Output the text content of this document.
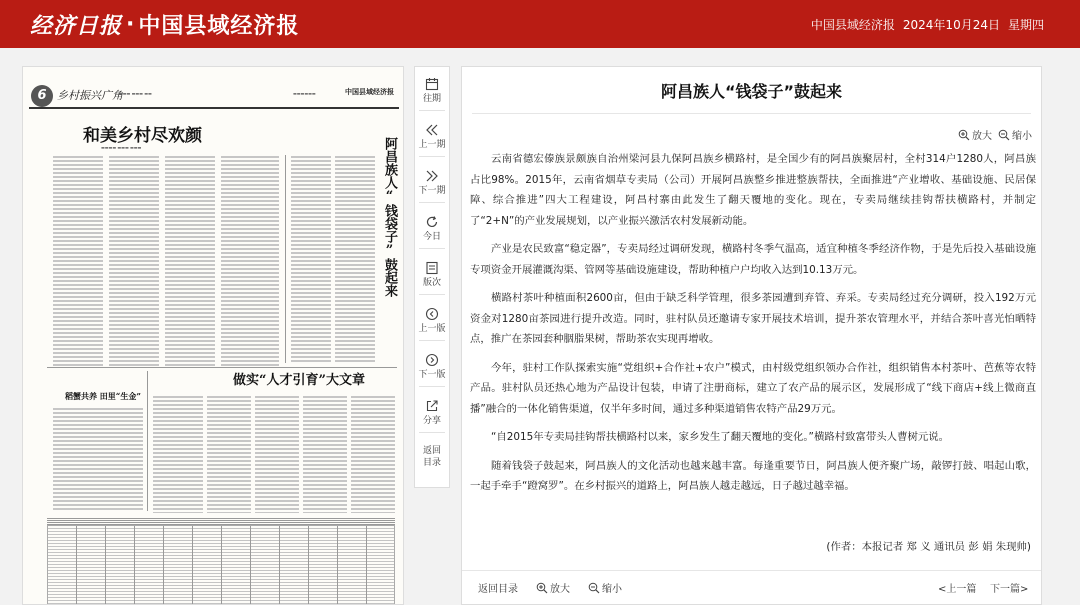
经济日报 · 中国县域经济报	中国县域经济报 2024年10月24日 星期四
6 乡村振兴广角
▬▬▬ ▬▬▬ ▬▬	▬▬▬▬▬▬	中国县域经济报
和美乡村尽欢颜
▬▬▬▬ ▬▬▬ ▬▬▬	阿昌族人“钱袋子”鼓起来
做实“人才引育”大文章
稻蟹共养 田里“生金”
往期
上一期
下一期
今日
版次
上一版
下一版
分享
返回目录
阿昌族人“钱袋子”鼓起来
放大 缩小

云南省德宏傣族景颇族自治州梁河县九保阿昌族乡横路村，是全国少有的阿昌族聚居村，全村314户1280人，阿昌族占比98%。2015年，云南省烟草专卖局（公司）开展阿昌族整乡推进整族帮扶，全面推进“产业增收、基础设施、民居保障、综合推进”四大工程建设，阿昌村寨由此发生了翻天覆地的变化。现在，专卖局继续挂钩帮扶横路村，并制定了“2+N”的产业发展规划，以产业振兴激活农村发展新动能。

产业是农民致富“稳定器”，专卖局经过调研发现，横路村冬季气温高，适宜种植冬季经济作物，于是先后投入基础设施专项资金开展灌溉沟渠、管网等基础设施建设，帮助种植户户均收入达到10.13万元。

横路村茶叶种植面积2600亩，但由于缺乏科学管理，很多茶园遭到弃管、弃采。专卖局经过充分调研，投入192万元资金对1280亩茶园进行提升改造。同时，驻村队员还邀请专家开展技术培训，提升茶农管理水平，并结合茶叶喜光怕晒特点，推广在茶园套种胭脂果树，帮助茶农实现再增收。

今年，驻村工作队探索实施“党组织+合作社+农户”模式，由村级党组织领办合作社，组织销售本村茶叶、芭蕉等农特产品。驻村队员还热心地为产品设计包装，申请了注册商标，建立了农产品的展示区，发展形成了“线下商店+线上微商直播”融合的一体化销售渠道，仅半年多时间，通过多种渠道销售农特产品29万元。

“自2015年专卖局挂钩帮扶横路村以来，家乡发生了翻天覆地的变化。”横路村致富带头人曹树元说。

随着钱袋子鼓起来，阿昌族人的文化活动也越来越丰富。每逢重要节日，阿昌族人便齐聚广场，敲锣打鼓、唱起山歌，一起手牵手“蹬窝罗”。在乡村振兴的道路上，阿昌族人越走越远，日子越过越幸福。

(作者：本报记者 郑 义 通讯员 彭 娟 朱现帅)
返回目录	放大	缩小	<上一篇 下一篇>
